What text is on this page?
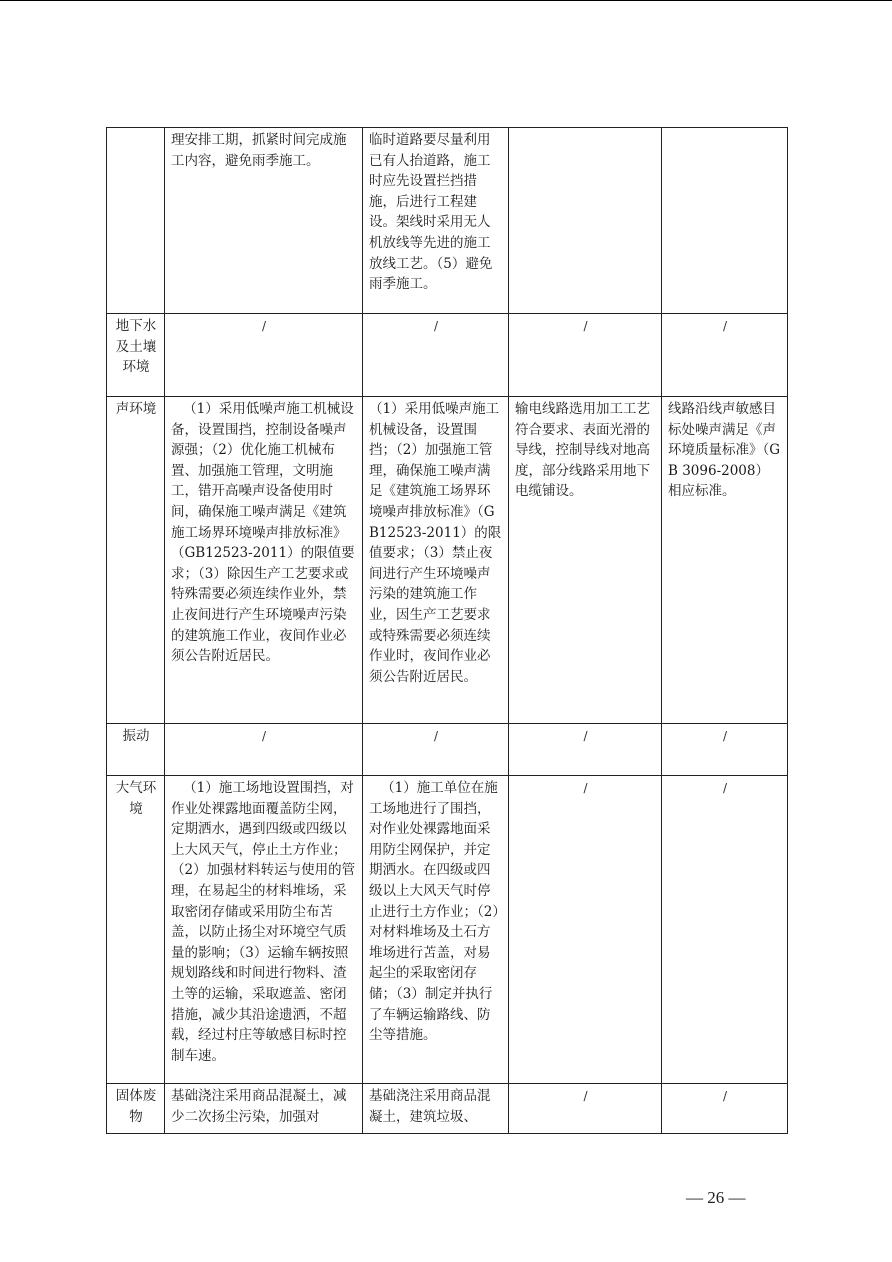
	理安排工期，抓紧时间完成施工内容，避免雨季施工。	临时道路要尽量利用已有人抬道路，施工时应先设置拦挡措施，后进行工程建设。架线时采用无人机放线等先进的施工放线工艺。（5）避免雨季施工。		
地下水及土壤环境	/	/	/	/
声环境	（1）采用低噪声施工机械设备，设置围挡，控制设备噪声源强；（2）优化施工机械布置、加强施工管理，文明施工，错开高噪声设备使用时间，确保施工噪声满足《建筑施工场界环境噪声排放标准》（GB12523-2011）的限值要求；（3）除因生产工艺要求或特殊需要必须连续作业外，禁止夜间进行产生环境噪声污染的建筑施工作业，夜间作业必须公告附近居民。	（1）采用低噪声施工机械设备，设置围挡；（2）加强施工管理，确保施工噪声满足《建筑施工场界环境噪声排放标准》（GB12523-2011）的限值要求；（3）禁止夜间进行产生环境噪声污染的建筑施工作业，因生产工艺要求或特殊需要必须连续作业时，夜间作业必须公告附近居民。	输电线路选用加工工艺符合要求、表面光滑的导线，控制导线对地高度，部分线路采用地下电缆铺设。	线路沿线声敏感目标处噪声满足《声环境质量标准》（GB 3096-2008）相应标准。
振动	/	/	/	/
大气环境	（1）施工场地设置围挡，对作业处裸露地面覆盖防尘网，定期洒水，遇到四级或四级以上大风天气，停止土方作业；（2）加强材料转运与使用的管理，在易起尘的材料堆场，采取密闭存储或采用防尘布苫盖，以防止扬尘对环境空气质量的影响；（3）运输车辆按照规划路线和时间进行物料、渣土等的运输，采取遮盖、密闭措施，减少其沿途遗洒，不超载，经过村庄等敏感目标时控制车速。	（1）施工单位在施工场地进行了围挡，对作业处裸露地面采用防尘网保护，并定期洒水。在四级或四级以上大风天气时停止进行土方作业；（2）对材料堆场及土石方堆场进行苫盖，对易起尘的采取密闭存储；（3）制定并执行了车辆运输路线、防尘等措施。	/	/
固体废物	基础浇注采用商品混凝土，减少二次扬尘污染，加强对	基础浇注采用商品混凝土，建筑垃圾、	/	/
— 26 —
